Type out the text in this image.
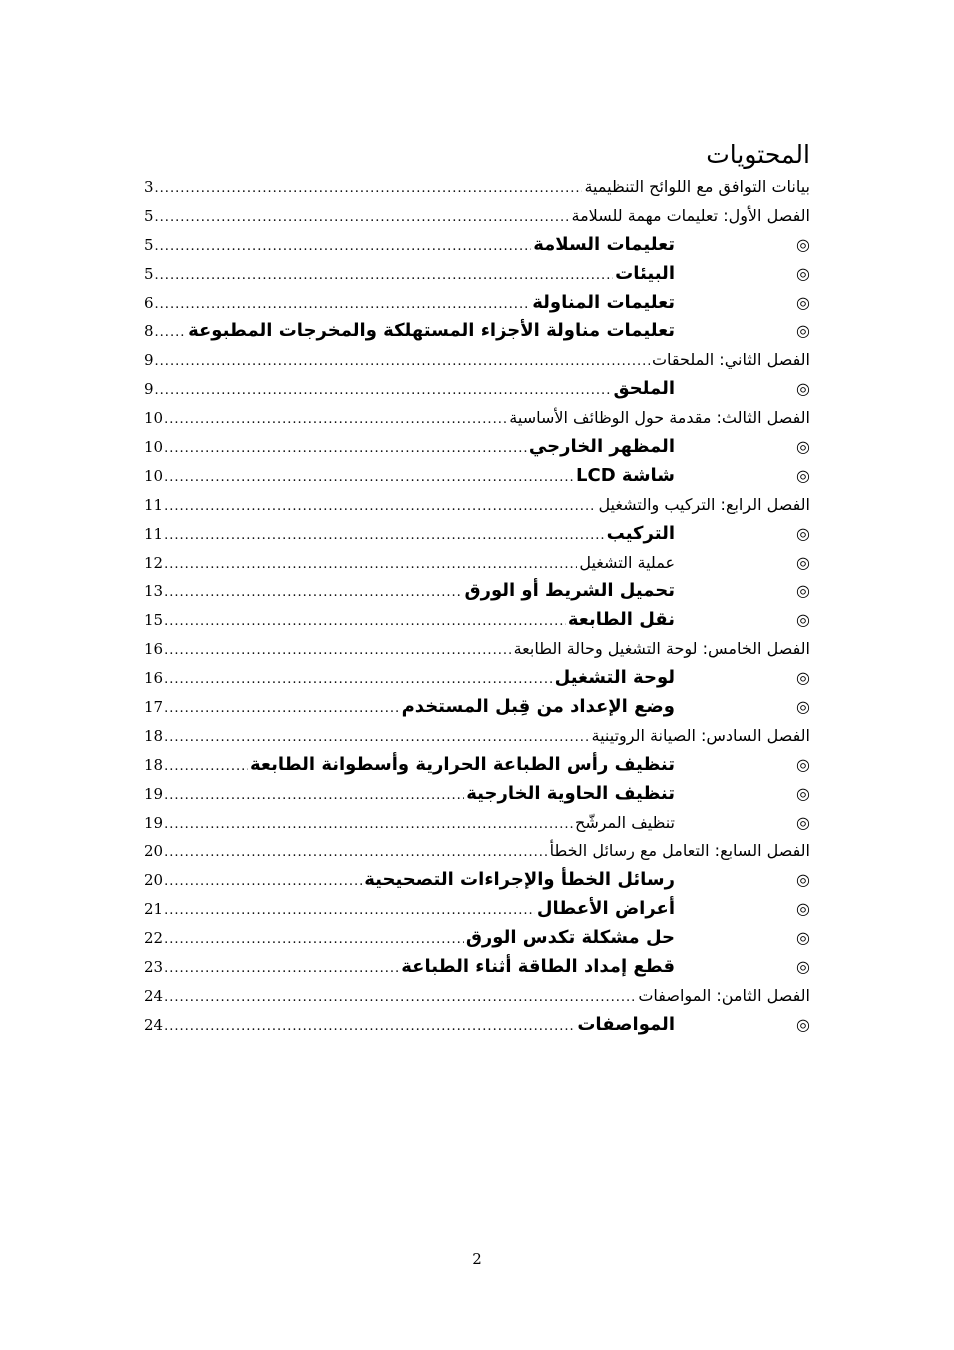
المحتويات
بيانات التوافق مع اللوائح التنظيمية
.....
3
الفصل الأول: تعليمات مهمة للسلامة
.....
5
◎
تعليمات السلامة
.....
5
◎
البيئات
.....
5
◎
تعليمات المناولة
.....
6
◎
تعليمات مناولة الأجزاء المستهلكة والمخرجات المطبوعة
.....
8
الفصل الثاني: الملحقات
.....
9
◎
الملحق
.....
9
الفصل الثالث: مقدمة حول الوظائف الأساسية
.....
10
◎
المظهر الخارجي
.....
10
◎
شاشة LCD
.....
10
الفصل الرابع: التركيب والتشغيل
.....
11
◎
التركيب
.....
11
◎
عملية التشغيل
.....
12
◎
تحميل الشريط أو الورق
.....
13
◎
نقل الطابعة
.....
15
الفصل الخامس: لوحة التشغيل وحالة الطابعة
.....
16
◎
لوحة التشغيل
.....
16
◎
وضع الإعداد من قِبل المستخدم
.....
17
الفصل السادس: الصيانة الروتينية
.....
18
◎
تنظيف رأس الطباعة الحرارية وأسطوانة الطابعة
.....
18
◎
تنظيف الحاوية الخارجية
.....
19
◎
تنظيف المرشّح
.....
19
الفصل السابع: التعامل مع رسائل الخطأ
.....
20
◎
رسائل الخطأ والإجراءات التصحيحية
.....
20
◎
أعراض الأعطال
.....
21
◎
حل مشكلة تكدس الورق
.....
22
◎
قطع إمداد الطاقة أثناء الطباعة
.....
23
الفصل الثامن: المواصفات
.....
24
◎
المواصفات
.....
24
2
